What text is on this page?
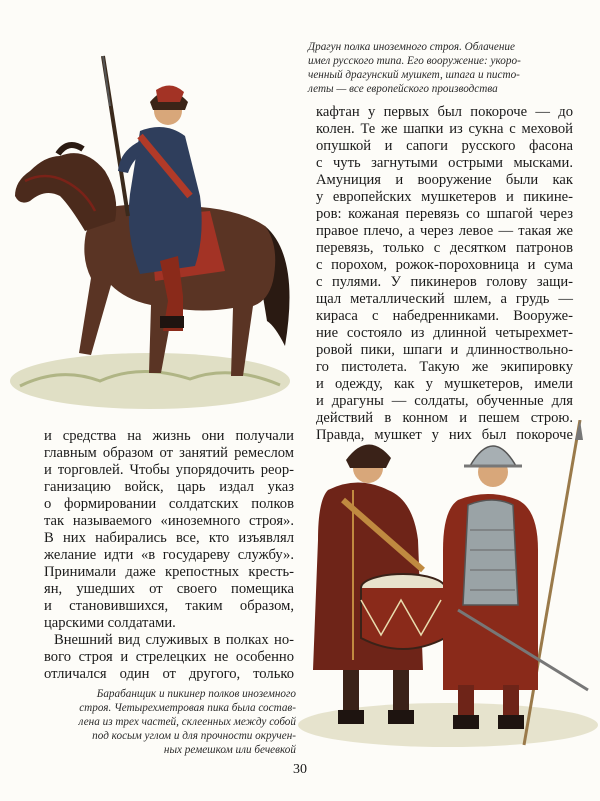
Драгун полка иноземного строя. Облачение
имел русского типа. Его вооружение: укоро-
ченный драгунский мушкет, шпага и писто-
леты — все европейского производства
кафтан у первых был покороче — до
колен. Те же шапки из сукна с меховой
опушкой и сапоги русского фасона
с чуть загнутыми острыми мысками.
Амуниция и вооружение были как
у европейских мушкетеров и пикине-
ров: кожаная перевязь со шпагой через
правое плечо, а через левое — такая же
перевязь, только с десятком патронов
с порохом, рожок-пороховница и сума
с пулями. У пикинеров голову защи-
щал металлический шлем, а грудь —
кираса с набедренниками. Вооруже-
ние состояло из длинной четырехмет-
ровой пики, шпаги и длинноствольно-
го пистолета. Такую же экипировку
и одежду, как у мушкетеров, имели
и драгуны — солдаты, обученные для
действий в конном и пешем строю.
Правда, мушкет у них был покороче
и средства на жизнь они получали
главным образом от занятий ремеслом
и торговлей. Чтобы упорядочить реор-
ганизацию войск, царь издал указ
о формировании солдатских полков
так называемого «иноземного строя».
В них набирались все, кто изъявлял
желание идти «в государеву службу».
Принимали даже крепостных кресть-
ян, ушедших от своего помещика
и становившихся, таким образом,
царскими солдатами.
Внешний вид служивых в полках но-
вого строя и стрелецких не особенно
отличался один от другого, только
Барабанщик и пикинер полков иноземного
строя. Четырехметровая пика была состав-
лена из трех частей, склеенных между собой
под косым углом и для прочности окручен-
ных ремешком или бечевкой
30
